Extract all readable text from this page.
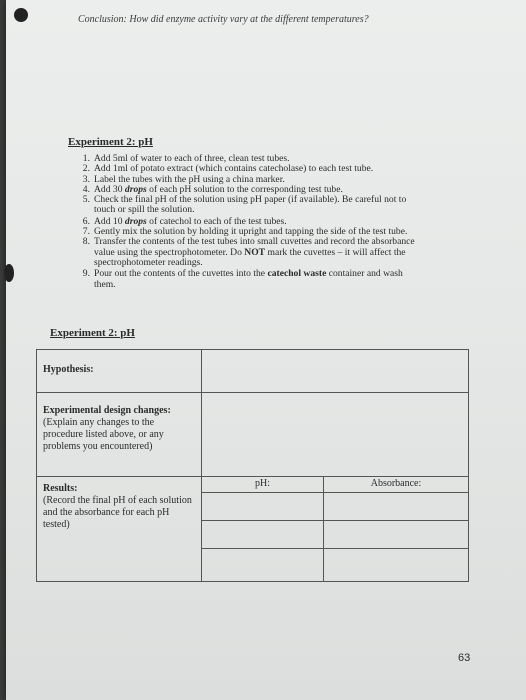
Conclusion: How did enzyme activity vary at the different temperatures?
Experiment 2: pH
1. Add 5ml of water to each of three, clean test tubes.
2. Add 1ml of potato extract (which contains catecholase) to each test tube.
3. Label the tubes with the pH using a china marker.
4. Add 30 drops of each pH solution to the corresponding test tube.
5. Check the final pH of the solution using pH paper (if available). Be careful not to
touch or spill the solution.
6. Add 10 drops of catechol to each of the test tubes.
7. Gently mix the solution by holding it upright and tapping the side of the test tube.
8. Transfer the contents of the test tubes into small cuvettes and record the absorbance
value using the spectrophotometer. Do NOT mark the cuvettes – it will affect the
spectrophotometer readings.
9. Pour out the contents of the cuvettes into the catechol waste container and wash
them.
Experiment 2: pH
Hypothesis:		

Experimental design changes:
(Explain any changes to the procedure listed above, or any problems you encountered)		

Results:
(Record the final pH of each solution and the absorbance for each pH tested)	pH:	Absorbance:

63
